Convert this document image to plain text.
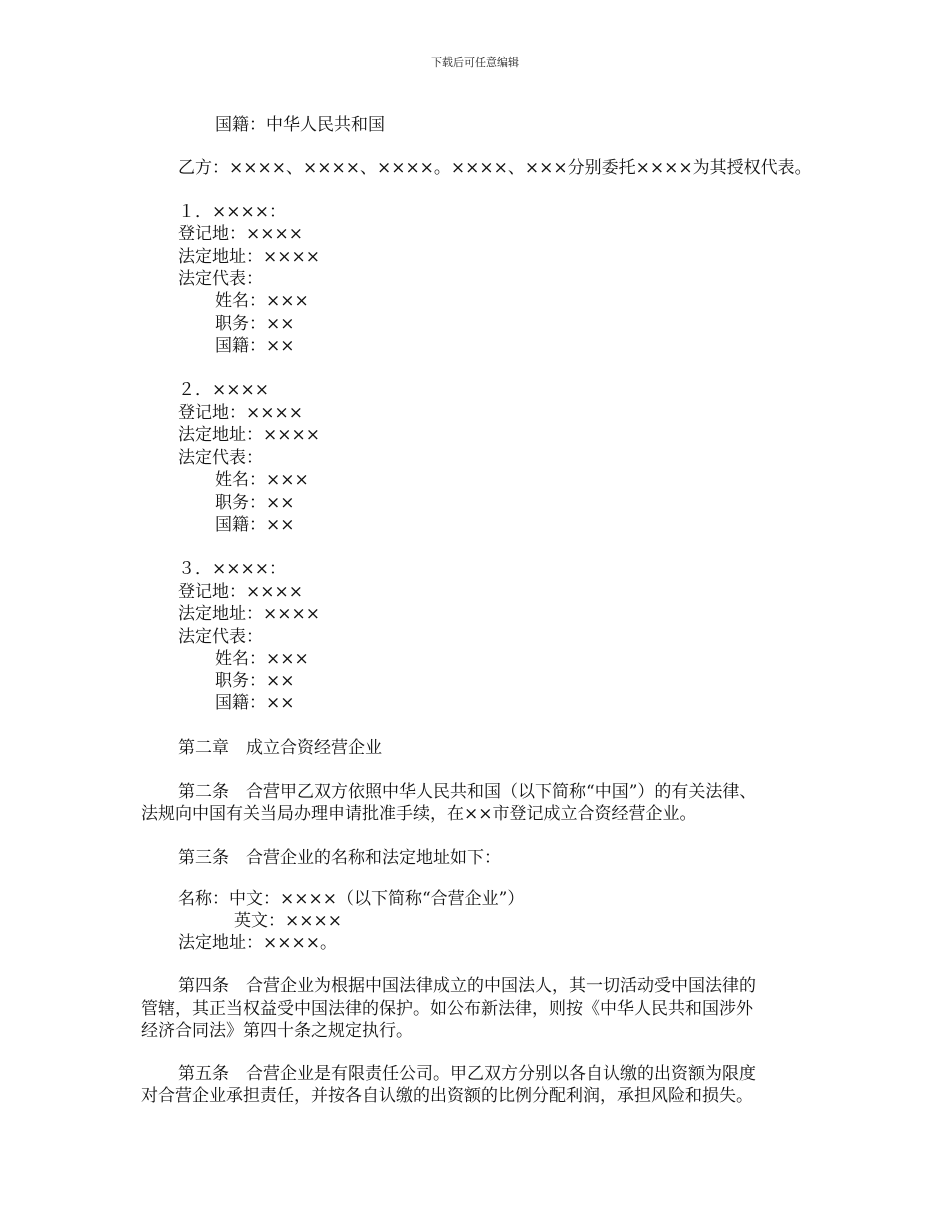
下载后可任意编辑
国籍：中华人民共和国
乙方：××××、××××、××××。××××、×××分别委托××××为其授权代表。
１．××××：
登记地：××××
法定地址：××××
法定代表：
姓名：×××
职务：××
国籍：××
２．××××
登记地：××××
法定地址：××××
法定代表：
姓名：×××
职务：××
国籍：××
３．××××：
登记地：××××
法定地址：××××
法定代表：
姓名：×××
职务：××
国籍：××
第二章　成立合资经营企业
第二条　合营甲乙双方依照中华人民共和国（以下简称“中国”）的有关法律、
法规向中国有关当局办理申请批准手续，在××市登记成立合资经营企业。
第三条　合营企业的名称和法定地址如下：
名称：中文：××××（以下简称“合营企业”）
英文：××××
法定地址：××××。
第四条　合营企业为根据中国法律成立的中国法人，其一切活动受中国法律的
管辖，其正当权益受中国法律的保护。如公布新法律，则按《中华人民共和国涉外
经济合同法》第四十条之规定执行。
第五条　合营企业是有限责任公司。甲乙双方分别以各自认缴的出资额为限度
对合营企业承担责任，并按各自认缴的出资额的比例分配利润，承担风险和损失。
